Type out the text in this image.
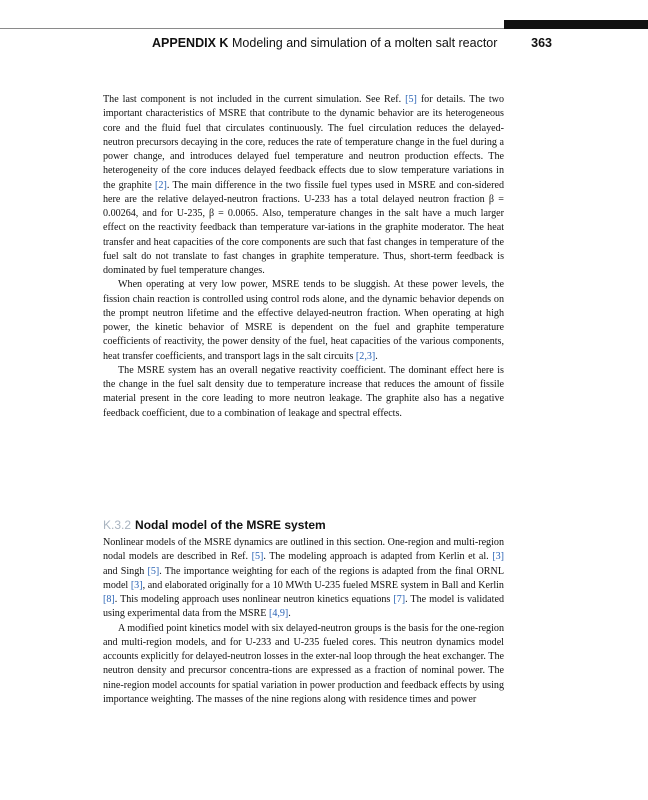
APPENDIX K Modeling and simulation of a molten salt reactor	363

The last component is not included in the current simulation. See Ref. [5] for details. The two important characteristics of MSRE that contribute to the dynamic behavior are its heterogeneous core and the fluid fuel that circulates continuously. The fuel circulation reduces the delayed-neutron precursors decaying in the core, reduces the rate of temperature change in the fuel during a power change, and introduces delayed fuel temperature and neutron production effects. The heterogeneity of the core induces delayed feedback effects due to slow temperature variations in the graphite [2]. The main difference in the two fissile fuel types used in MSRE and con-sidered here are the relative delayed-neutron fractions. U-233 has a total delayed neutron fraction β = 0.00264, and for U-235, β = 0.0065. Also, temperature changes in the salt have a much larger effect on the reactivity feedback than temperature var-iations in the graphite moderator. The heat transfer and heat capacities of the core components are such that fast changes in temperature of the fuel salt do not translate to fast changes in graphite temperature. Thus, short-term feedback is dominated by fuel temperature changes.

When operating at very low power, MSRE tends to be sluggish. At these power levels, the fission chain reaction is controlled using control rods alone, and the dynamic behavior depends on the prompt neutron lifetime and the effective delayed-neutron fraction. When operating at high power, the kinetic behavior of MSRE is dependent on the fuel and graphite temperature coefficients of reactivity, the power density of the fuel, heat capacities of the various components, heat transfer coefficients, and transport lags in the salt circuits [2,3].

The MSRE system has an overall negative reactivity coefficient. The dominant effect here is the change in the fuel salt density due to temperature increase that reduces the amount of fissile material present in the core leading to more neutron leakage. The graphite also has a negative feedback coefficient, due to a combination of leakage and spectral effects.

K.3.2 Nodal model of the MSRE system

Nonlinear models of the MSRE dynamics are outlined in this section. One-region and multi-region nodal models are described in Ref. [5]. The modeling approach is adapted from Kerlin et al. [3] and Singh [5]. The importance weighting for each of the regions is adapted from the final ORNL model [3], and elaborated originally for a 10 MWth U-235 fueled MSRE system in Ball and Kerlin [8]. This modeling approach uses nonlinear neutron kinetics equations [7]. The model is validated using experimental data from the MSRE [4,9].

A modified point kinetics model with six delayed-neutron groups is the basis for the one-region and multi-region models, and for U-233 and U-235 fueled cores. This neutron dynamics model accounts explicitly for delayed-neutron losses in the exter-nal loop through the heat exchanger. The neutron density and precursor concentra-tions are expressed as a fraction of nominal power. The nine-region model accounts for spatial variation in power production and feedback effects by using importance weighting. The masses of the nine regions along with residence times and power
